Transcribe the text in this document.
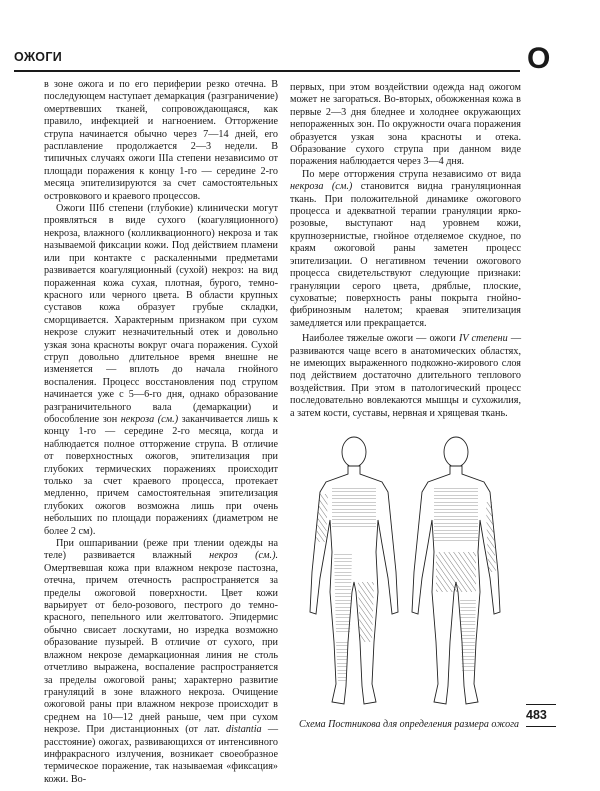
ОЖОГИ	О

в зоне ожога и по его периферии резко отечна. В последующем наступает демаркация (разграничение) омертвевших тканей, сопровождающаяся, как правило, инфекцией и нагноением. Отторжение струпа начинается обычно через 7—14 дней, его расплавление продолжается 2—3 недели. В типичных случаях ожоги IIIа степени независимо от площади поражения к концу 1-го — середине 2-го месяца эпителизируются за счет самостоятельных островкового и краевого процессов.

Ожоги IIIб степени (глубокие) клинически могут проявляться в виде сухого (коагуляционного) некроза, влажного (колликвационного) некроза и так называемой фиксации кожи. Под действием пламени или при контакте с раскаленными предметами развивается коагуляционный (сухой) некроз: на вид пораженная кожа сухая, плотная, бурого, темно-красного или черного цвета. В области крупных суставов кожа образует грубые складки, сморщивается. Характерным признаком при сухом некрозе служит незначительный отек и довольно узкая зона красноты вокруг очага поражения. Сухой струп довольно длительное время внешне не изменяется — вплоть до начала гнойного воспаления. Процесс восстановления под струпом начинается уже с 5—6-го дня, однако образование разграничительного вала (демаркации) и обособление зон некроза (см.) заканчивается лишь к концу 1-го — середине 2-го месяца, когда и наблюдается полное отторжение струпа. В отличие от поверхностных ожогов, эпителизация при глубоких термических поражениях происходит только за счет краевого процесса, протекает медленно, причем самостоятельная эпителизация глубоких ожогов возможна лишь при очень небольших по площади поражениях (диаметром не более 2 см).

При ошпаривании (реже при тлении одежды на теле) развивается влажный некроз (см.). Омертвевшая кожа при влажном некрозе пастозна, отечна, причем отечность распространяется за пределы ожоговой поверхности. Цвет кожи варьирует от бело-розового, пестрого до темно-красного, пепельного или желтоватого. Эпидермис обычно свисает лоскутами, но изредка возможно образование пузырей. В отличие от сухого, при влажном некрозе демаркационная линия не столь отчетливо выражена, воспаление распространяется за пределы ожоговой раны; характерно развитие грануляций в зоне влажного некроза. Очищение ожоговой раны при влажном некрозе происходит в среднем на 10—12 дней раньше, чем при сухом некрозе. При дистанционных (от лат. distantia — расстояние) ожогах, развивающихся от интенсивного инфракрасного излучения, возникает своеобразное термическое поражение, так называемая «фиксация» кожи. Во-

первых, при этом воздействии одежда над ожогом может не загораться. Во-вторых, обожженная кожа в первые 2—3 дня бледнее и холоднее окружающих непораженных зон. По окружности очага поражения образуется узкая зона красноты и отека. Образование сухого струпа при данном виде поражения наблюдается через 3—4 дня.

По мере отторжения струпа независимо от вида некроза (см.) становится видна грануляционная ткань. При положительной динамике ожогового процесса и адекватной терапии грануляции ярко-розовые, выступают над уровнем кожи, крупнозернистые, гнойное отделяемое скудное, по краям ожоговой раны заметен процесс эпителизации. О негативном течении ожогового процесса свидетельствуют следующие признаки: грануляции серого цвета, дряблые, плоские, суховатые; поверхность раны покрыта гнойно-фибринозным налетом; краевая эпителизация замедляется или прекращается.

Наиболее тяжелые ожоги — ожоги IV степени — развиваются чаще всего в анатомических областях, не имеющих выраженного подкожно-жирового слоя под действием достаточно длительного теплового воздействия. При этом в патологический процесс последовательно вовлекаются мышцы и сухожилия, а затем кости, суставы, нервная и хрящевая ткань.

Схема Постникова для определения размера ожога
483
